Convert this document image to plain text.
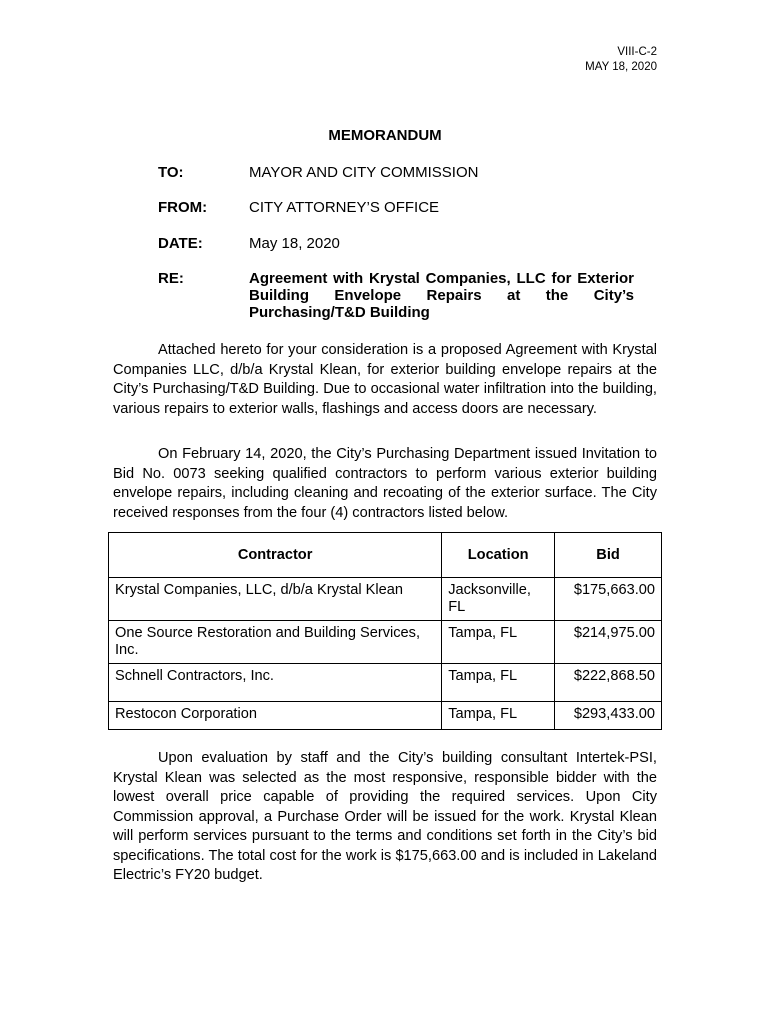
VIII-C-2
MAY 18, 2020
MEMORANDUM
TO:	MAYOR AND CITY COMMISSION
FROM:	CITY ATTORNEY’S OFFICE
DATE:	May 18, 2020
RE:	Agreement with Krystal Companies, LLC for Exterior Building Envelope Repairs at the City’s Purchasing/T&D Building

Attached hereto for your consideration is a proposed Agreement with Krystal Companies LLC, d/b/a Krystal Klean, for exterior building envelope repairs at the City’s Purchasing/T&D Building. Due to occasional water infiltration into the building, various repairs to exterior walls, flashings and access doors are necessary.

On February 14, 2020, the City’s Purchasing Department issued Invitation to Bid No. 0073 seeking qualified contractors to perform various exterior building envelope repairs, including cleaning and recoating of the exterior surface. The City received responses from the four (4) contractors listed below.

Contractor	Location	Bid
Krystal Companies, LLC, d/b/a Krystal Klean	Jacksonville, FL	$175,663.00
One Source Restoration and Building Services, Inc.	Tampa, FL	$214,975.00
Schnell Contractors, Inc.	Tampa, FL	$222,868.50
Restocon Corporation	Tampa, FL	$293,433.00

Upon evaluation by staff and the City’s building consultant Intertek-PSI, Krystal Klean was selected as the most responsive, responsible bidder with the lowest overall price capable of providing the required services. Upon City Commission approval, a Purchase Order will be issued for the work. Krystal Klean will perform services pursuant to the terms and conditions set forth in the City’s bid specifications. The total cost for the work is $175,663.00 and is included in Lakeland Electric’s FY20 budget.
